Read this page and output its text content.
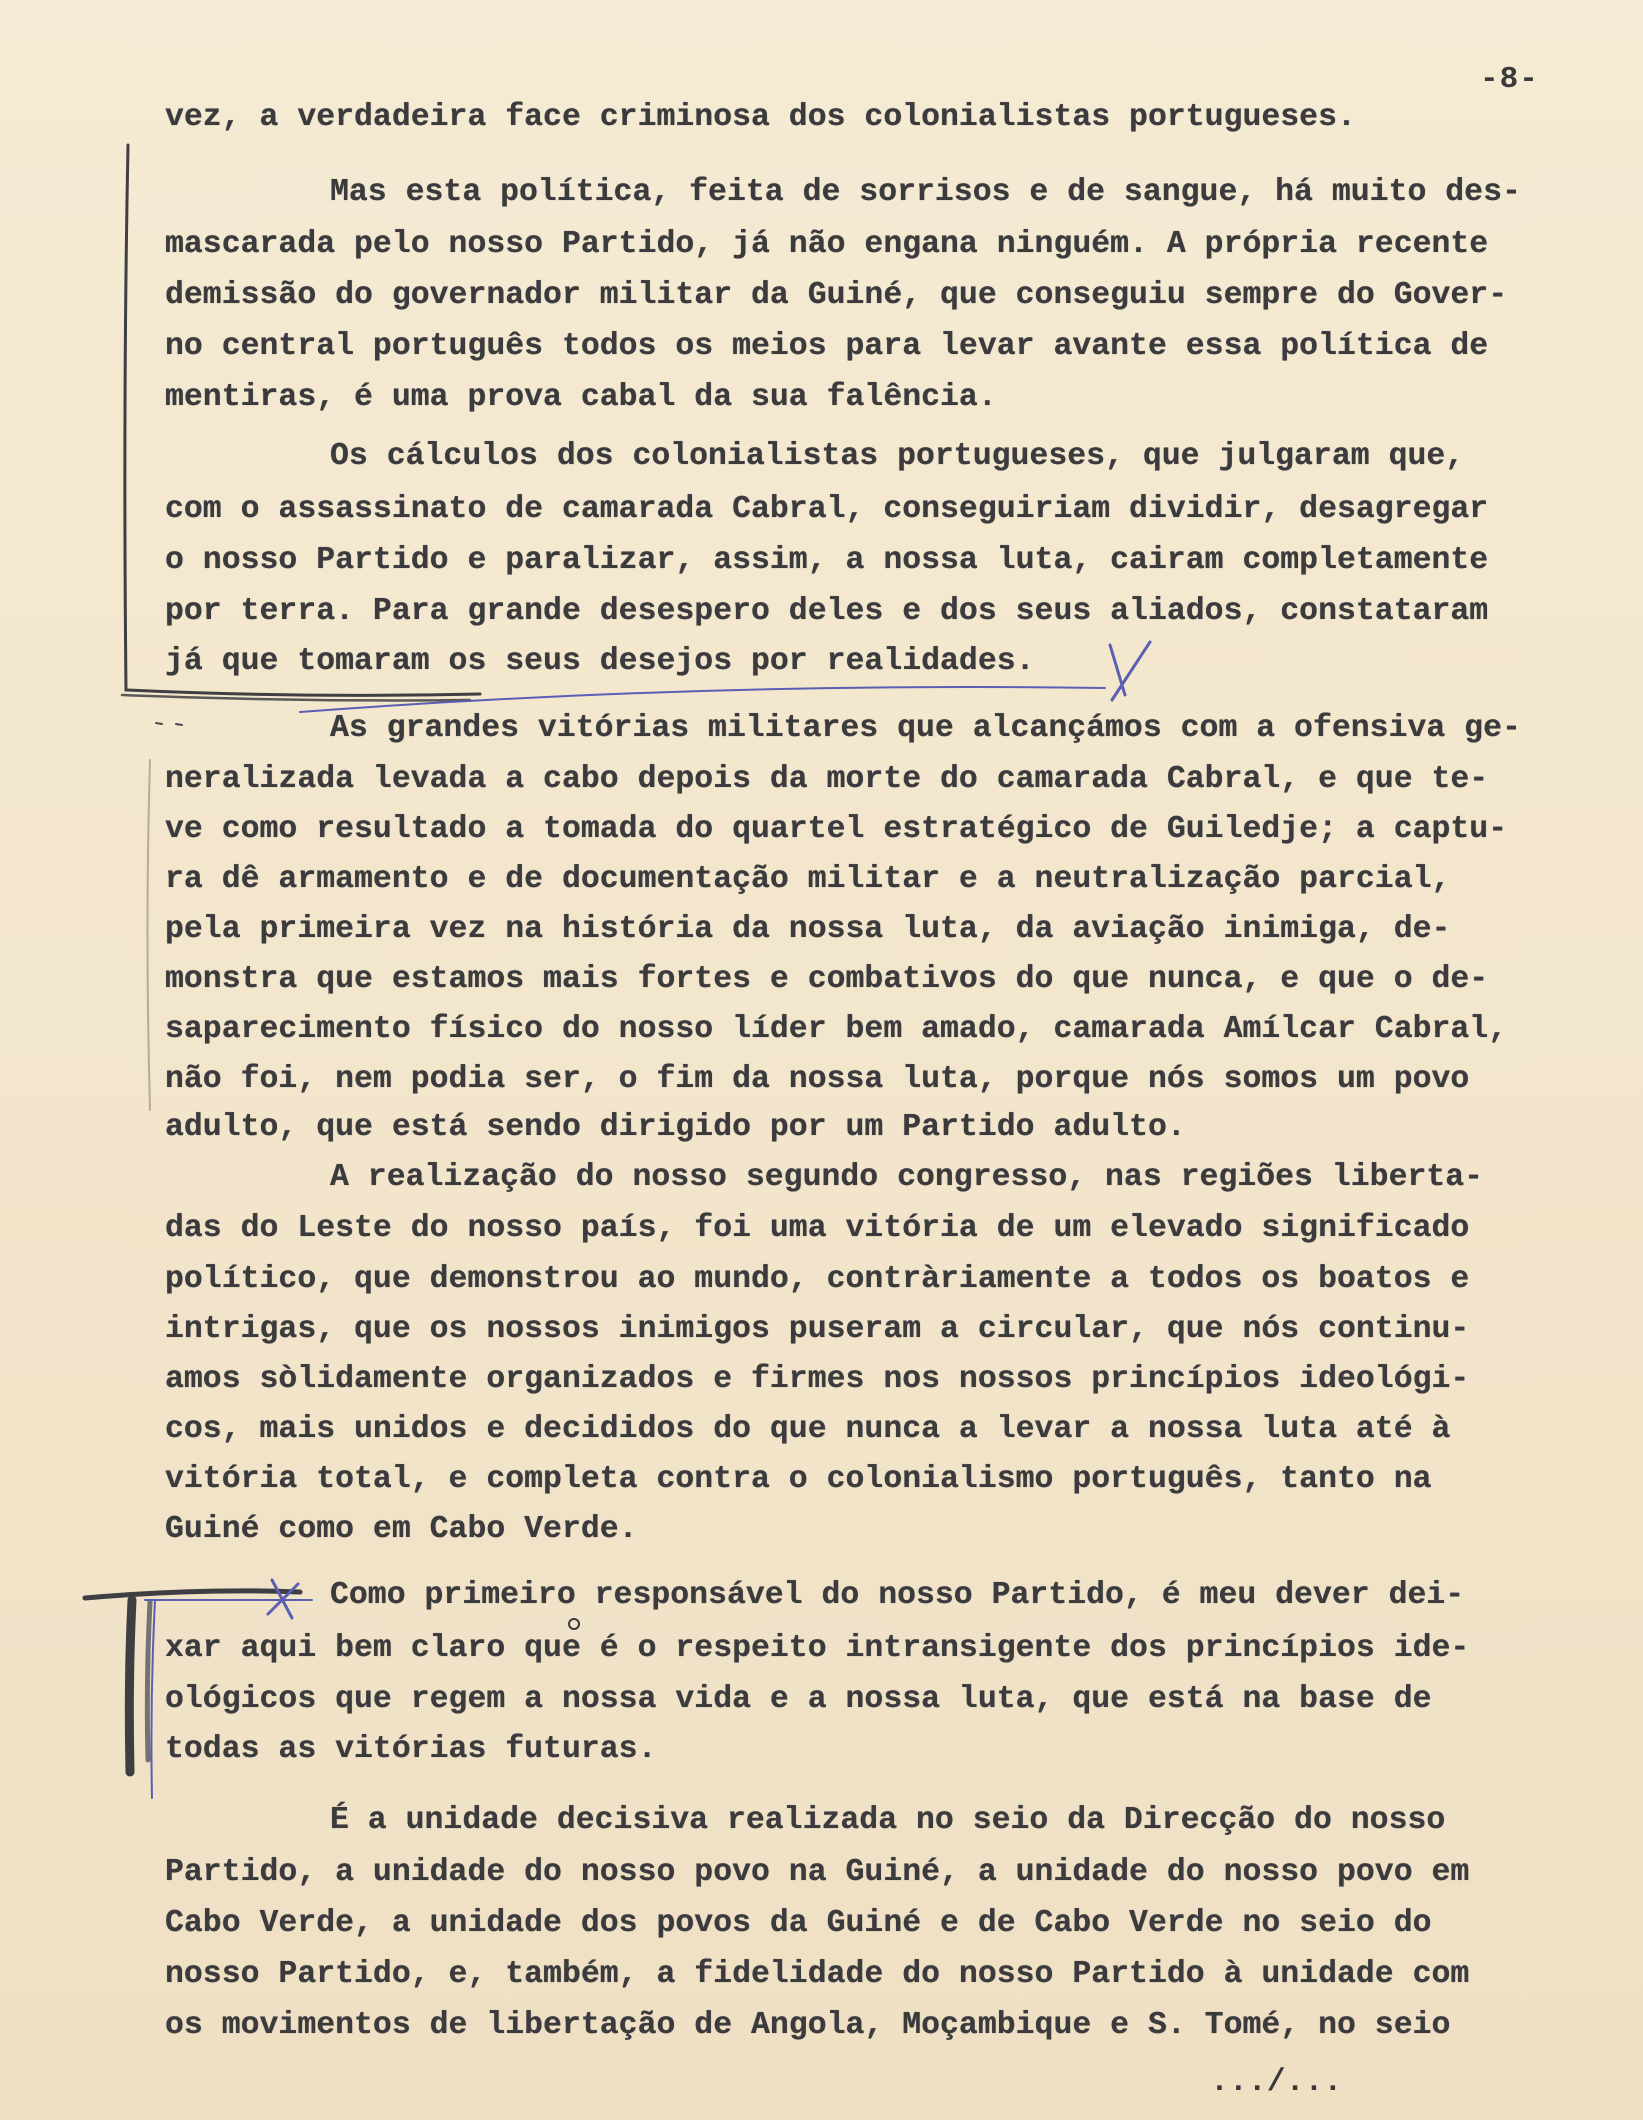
-8-

vez, a verdadeira face criminosa dos colonialistas portugueses.
Mas esta política, feita de sorrisos e de sangue, há muito des-
mascarada pelo nosso Partido, já não engana ninguém. A própria recente
demissão do governador militar da Guiné, que conseguiu sempre do Gover-
no central português todos os meios para levar avante essa política de
mentiras, é uma prova cabal da sua falência.
Os cálculos dos colonialistas portugueses, que julgaram que,
com o assassinato de camarada Cabral, conseguiriam dividir, desagregar
o nosso Partido e paralizar, assim, a nossa luta, cairam completamente
por terra. Para grande desespero deles e dos seus aliados, constataram
já que tomaram os seus desejos por realidades.
As grandes vitórias militares que alcançámos com a ofensiva ge-
neralizada levada a cabo depois da morte do camarada Cabral, e que te-
ve como resultado a tomada do quartel estratégico de Guiledje; a captu-
ra dê armamento e de documentação militar e a neutralização parcial,
pela primeira vez na história da nossa luta, da aviação inimiga, de-
monstra que estamos mais fortes e combativos do que nunca, e que o de-
saparecimento físico do nosso líder bem amado, camarada Amílcar Cabral,
não foi, nem podia ser, o fim da nossa luta, porque nós somos um povo
adulto, que está sendo dirigido por um Partido adulto.
A realização do nosso segundo congresso, nas regiões liberta-
das do Leste do nosso país, foi uma vitória de um elevado significado
político, que demonstrou ao mundo, contràriamente a todos os boatos e
intrigas, que os nossos inimigos puseram a circular, que nós continu-
amos sòlidamente organizados e firmes nos nossos princípios ideológi-
cos, mais unidos e decididos do que nunca a levar a nossa luta até à
vitória total, e completa contra o colonialismo português, tanto na
Guiné como em Cabo Verde.
Como primeiro responsável do nosso Partido, é meu dever dei-
xar aqui bem claro que é o respeito intransigente dos princípios ide-
ológicos que regem a nossa vida e a nossa luta, que está na base de
todas as vitórias futuras.
É a unidade decisiva realizada no seio da Direcção do nosso
Partido, a unidade do nosso povo na Guiné, a unidade do nosso povo em
Cabo Verde, a unidade dos povos da Guiné e de Cabo Verde no seio do
nosso Partido, e, também, a fidelidade do nosso Partido à unidade com
os movimentos de libertação de Angola, Moçambique e S. Tomé, no seio

.../...
